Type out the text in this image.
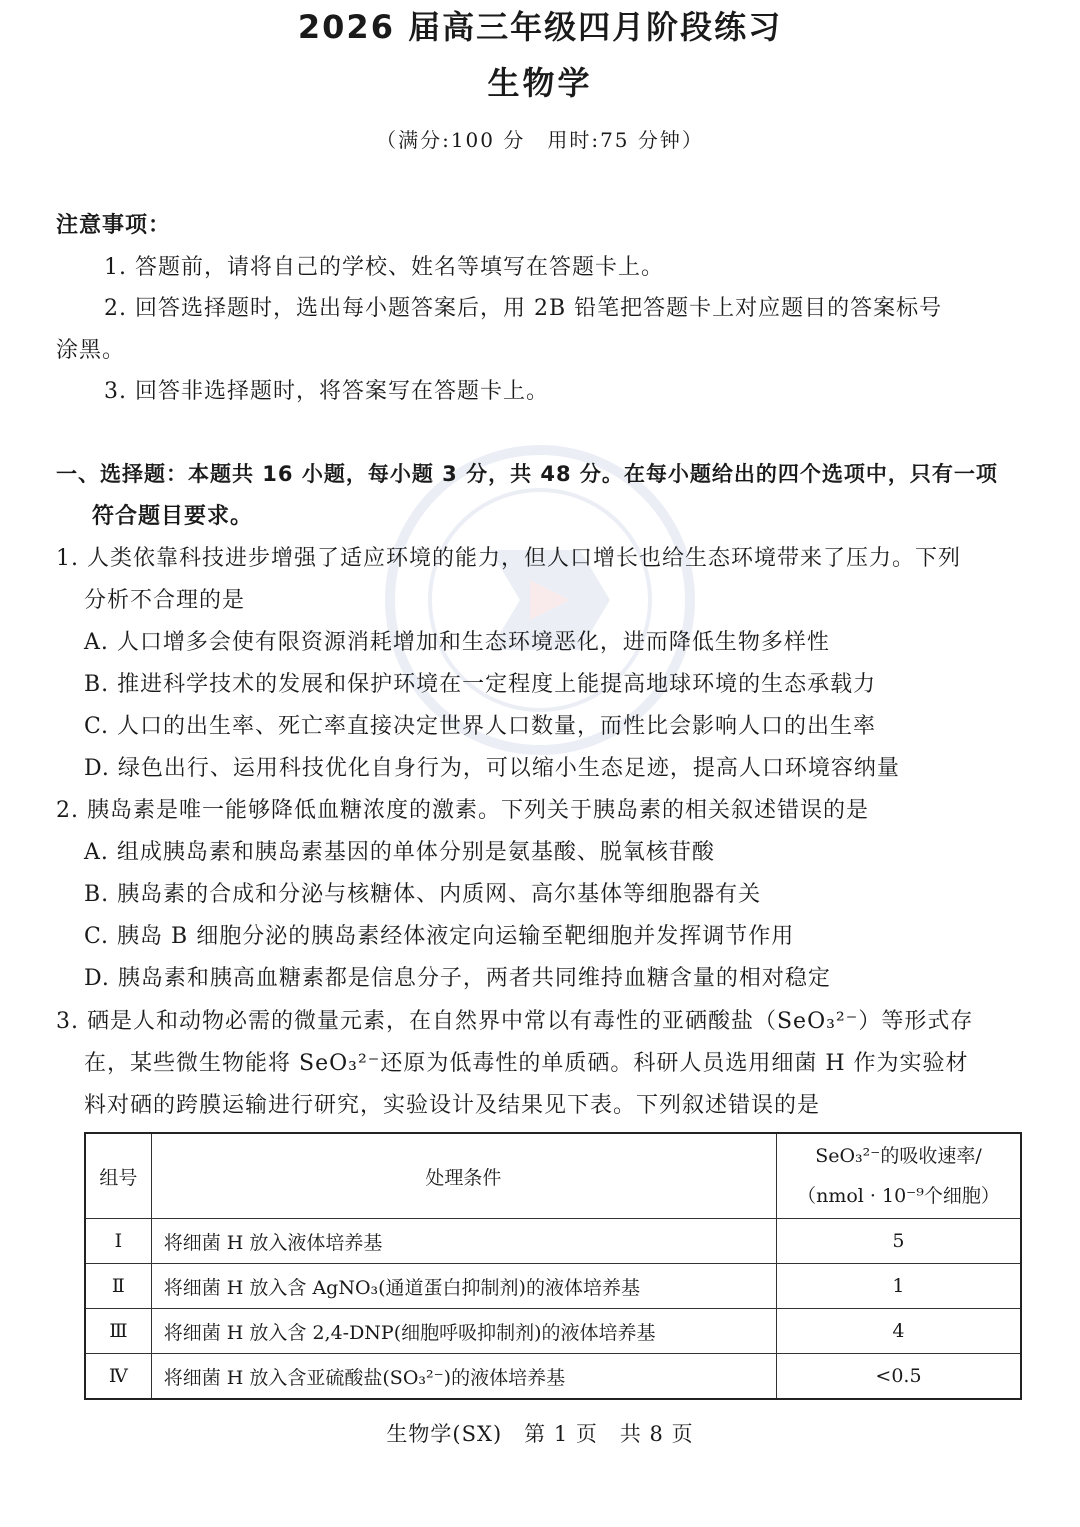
2026 届高三年级四月阶段练习
生物学
（满分:100 分　用时:75 分钟）
注意事项：
1. 答题前，请将自己的学校、姓名等填写在答题卡上。
2. 回答选择题时，选出每小题答案后，用 2B 铅笔把答题卡上对应题目的答案标号
涂黑。
3. 回答非选择题时，将答案写在答题卡上。
一、选择题：本题共 16 小题，每小题 3 分，共 48 分。在每小题给出的四个选项中，只有一项
符合题目要求。
1. 人类依靠科技进步增强了适应环境的能力，但人口增长也给生态环境带来了压力。下列
分析不合理的是
A. 人口增多会使有限资源消耗增加和生态环境恶化，进而降低生物多样性
B. 推进科学技术的发展和保护环境在一定程度上能提高地球环境的生态承载力
C. 人口的出生率、死亡率直接决定世界人口数量，而性比会影响人口的出生率
D. 绿色出行、运用科技优化自身行为，可以缩小生态足迹，提高人口环境容纳量
2. 胰岛素是唯一能够降低血糖浓度的激素。下列关于胰岛素的相关叙述错误的是
A. 组成胰岛素和胰岛素基因的单体分别是氨基酸、脱氧核苷酸
B. 胰岛素的合成和分泌与核糖体、内质网、高尔基体等细胞器有关
C. 胰岛 B 细胞分泌的胰岛素经体液定向运输至靶细胞并发挥调节作用
D. 胰岛素和胰高血糖素都是信息分子，两者共同维持血糖含量的相对稳定
3. 硒是人和动物必需的微量元素，在自然界中常以有毒性的亚硒酸盐（SeO₃²⁻）等形式存
在，某些微生物能将 SeO₃²⁻还原为低毒性的单质硒。科研人员选用细菌 H 作为实验材
料对硒的跨膜运输进行研究，实验设计及结果见下表。下列叙述错误的是
组号	处理条件	SeO₃²⁻的吸收速率/
（nmol · 10⁻⁹个细胞）

Ⅰ	将细菌 H 放入液体培养基	5
Ⅱ	将细菌 H 放入含 AgNO₃(通道蛋白抑制剂)的液体培养基	1
Ⅲ	将细菌 H 放入含 2,4-DNP(细胞呼吸抑制剂)的液体培养基	4
Ⅳ	将细菌 H 放入含亚硫酸盐(SO₃²⁻)的液体培养基	<0.5
生物学(SX)　第 1 页　共 8 页
